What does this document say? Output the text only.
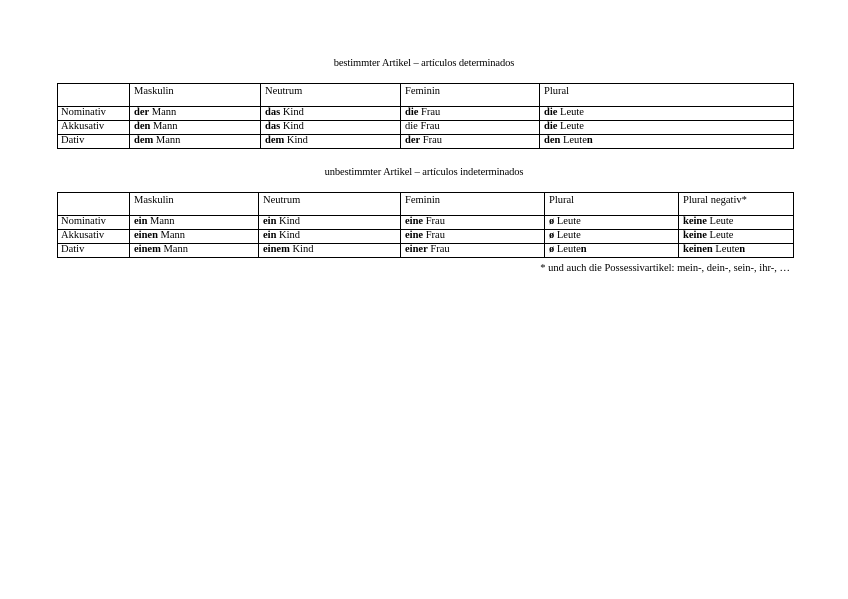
bestimmter Artikel – artículos determinados
	Maskulin	Neutrum	Feminin	Plural
Nominativ	der Mann	das Kind	die Frau	die Leute
Akkusativ	den Mann	das Kind	die Frau	die Leute
Dativ	dem Mann	dem Kind	der Frau	den Leuten
unbestimmter Artikel – artículos indeterminados
	Maskulin	Neutrum	Feminin	Plural	Plural negativ*
Nominativ	ein Mann	ein Kind	eine Frau	ø Leute	keine Leute
Akkusativ	einen Mann	ein Kind	eine Frau	ø Leute	keine Leute
Dativ	einem Mann	einem Kind	einer Frau	ø Leuten	keinen Leuten
* und auch die Possessivartikel: mein-, dein-, sein-, ihr-, …
